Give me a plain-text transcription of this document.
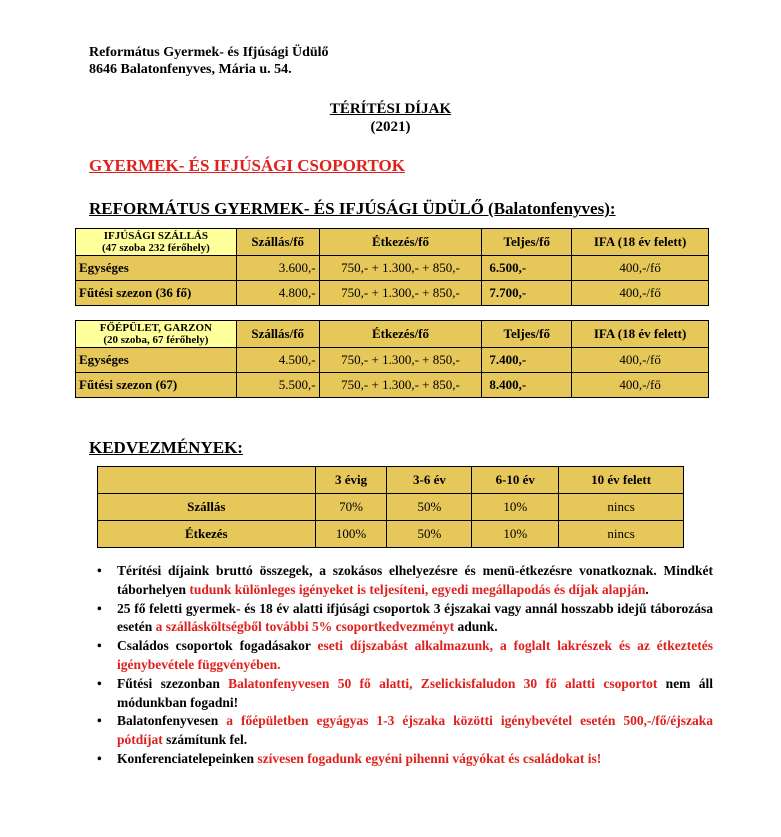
Református Gyermek- és Ifjúsági Üdülő
8646 Balatonfenyves, Mária u. 54.
TÉRÍTÉSI DÍJAK
(2021)
GYERMEK- ÉS IFJÚSÁGI CSOPORTOK
REFORMÁTUS GYERMEK- ÉS IFJÚSÁGI ÜDÜLŐ (Balatonfenyves):
IFJÚSÁGI SZÁLLÁS
(47 szoba 232 férőhely)	Szállás/fő	Étkezés/fő	Teljes/fő	IFA (18 év felett)
Egységes	3.600,-	750,- + 1.300,- + 850,-	6.500,-	400,-/fő
Fűtési szezon (36 fő)	4.800,-	750,- + 1.300,- + 850,-	7.700,-	400,-/fő
FŐÉPÜLET, GARZON
(20 szoba, 67 férőhely)	Szállás/fő	Étkezés/fő	Teljes/fő	IFA (18 év felett)
Egységes	4.500,-	750,- + 1.300,- + 850,-	7.400,-	400,-/fő
Fűtési szezon (67)	5.500,-	750,- + 1.300,- + 850,-	8.400,-	400,-/fő
KEDVEZMÉNYEK:
	3 évig	3-6 év	6-10 év	10 év felett
Szállás	70%	50%	10%	nincs
Étkezés	100%	50%	10%	nincs
• Térítési díjaink bruttó összegek, a szokásos elhelyezésre és menü-étkezésre vonatkoznak. Mindkét táborhelyen tudunk különleges igényeket is teljesíteni, egyedi megállapodás és díjak alapján.
• 25 fő feletti gyermek- és 18 év alatti ifjúsági csoportok 3 éjszakai vagy annál hosszabb idejű táborozása esetén a szállásköltségből további 5% csoportkedvezményt adunk.
• Családos csoportok fogadásakor eseti díjszabást alkalmazunk, a foglalt lakrészek és az étkeztetés igénybevétele függvényében.
• Fűtési szezonban Balatonfenyvesen 50 fő alatti, Zselickisfaludon 30 fő alatti csoportot nem áll módunkban fogadni!
• Balatonfenyvesen a főépületben egyágyas 1-3 éjszaka közötti igénybevétel esetén 500,-/fő/éjszaka pótdíjat számítunk fel.
• Konferenciatelepeinken szívesen fogadunk egyéni pihenni vágyókat és családokat is!
